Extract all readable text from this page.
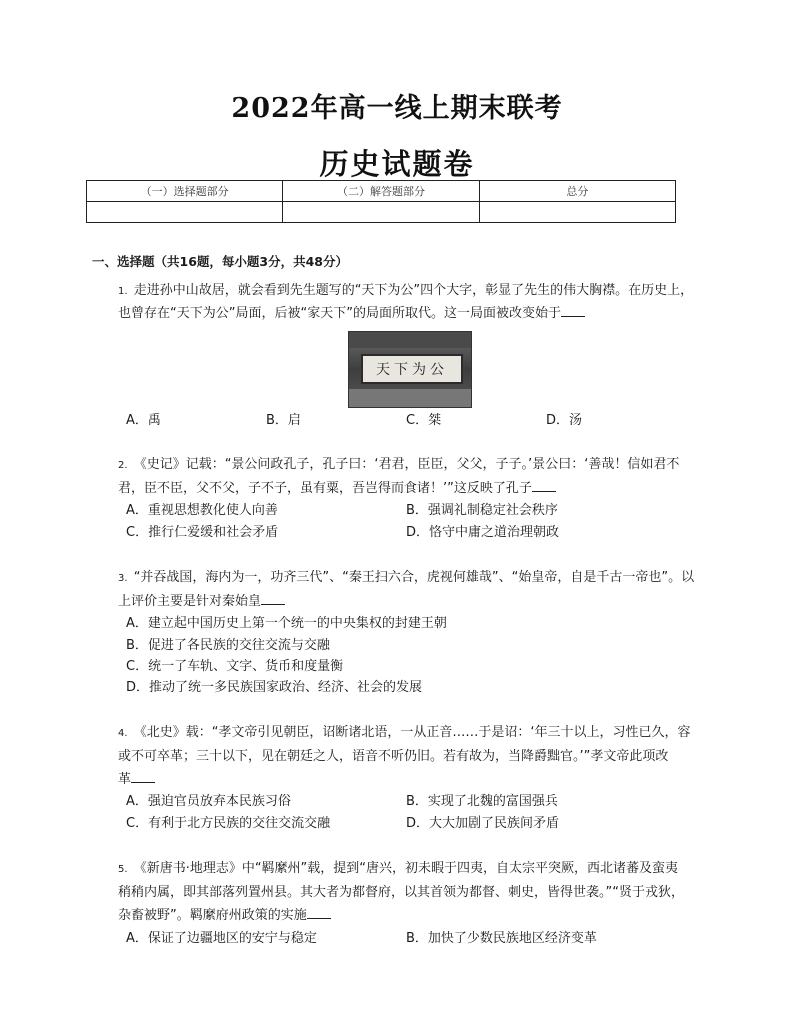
2022年高一线上期末联考
历史试题卷
（一）选择题部分	（二）解答题部分	总分

一、选择题（共16题，每小题3分，共48分）
1. 走进孙中山故居，就会看到先生题写的“天下为公”四个大字，彰显了先生的伟大胸襟。在历史上，
也曾存在“天下为公”局面，后被“家天下”的局面所取代。这一局面被改变始于
天下为公
A．禹	B．启	C．桀	D．汤
2. 《史记》记载：“景公问政孔子，孔子曰：‘君君，臣臣，父父，子子。’景公曰：‘善哉！信如君不
君，臣不臣，父不父，子不子，虽有粟，吾岂得而食诸！’”这反映了孔子
A．重视思想教化使人向善	B．强调礼制稳定社会秩序
C．推行仁爱缓和社会矛盾	D．恪守中庸之道治理朝政
3. “并吞战国，海内为一，功齐三代”、“秦王扫六合，虎视何雄哉”、“始皇帝，自是千古一帝也”。以
上评价主要是针对秦始皇
A．建立起中国历史上第一个统一的中央集权的封建王朝
B．促进了各民族的交往交流与交融
C．统一了车轨、文字、货币和度量衡
D．推动了统一多民族国家政治、经济、社会的发展
4. 《北史》载：“孝文帝引见朝臣，诏断诸北语，一从正音……于是诏：‘年三十以上，习性已久，容
或不可卒革；三十以下，见在朝廷之人，语音不听仍旧。若有故为，当降爵黜官。’”孝文帝此项改
革
A．强迫官员放弃本民族习俗	B．实现了北魏的富国强兵
C．有利于北方民族的交往交流交融	D．大大加剧了民族间矛盾
5. 《新唐书·地理志》中“羁縻州”载，提到“唐兴，初未暇于四夷，自太宗平突厥，西北诸蕃及蛮夷
稍稍内属，即其部落列置州县。其大者为都督府，以其首领为都督、刺史，皆得世袭。”“贤于戎狄，
杂畜被野”。羁縻府州政策的实施
A．保证了边疆地区的安宁与稳定	B．加快了少数民族地区经济变革
